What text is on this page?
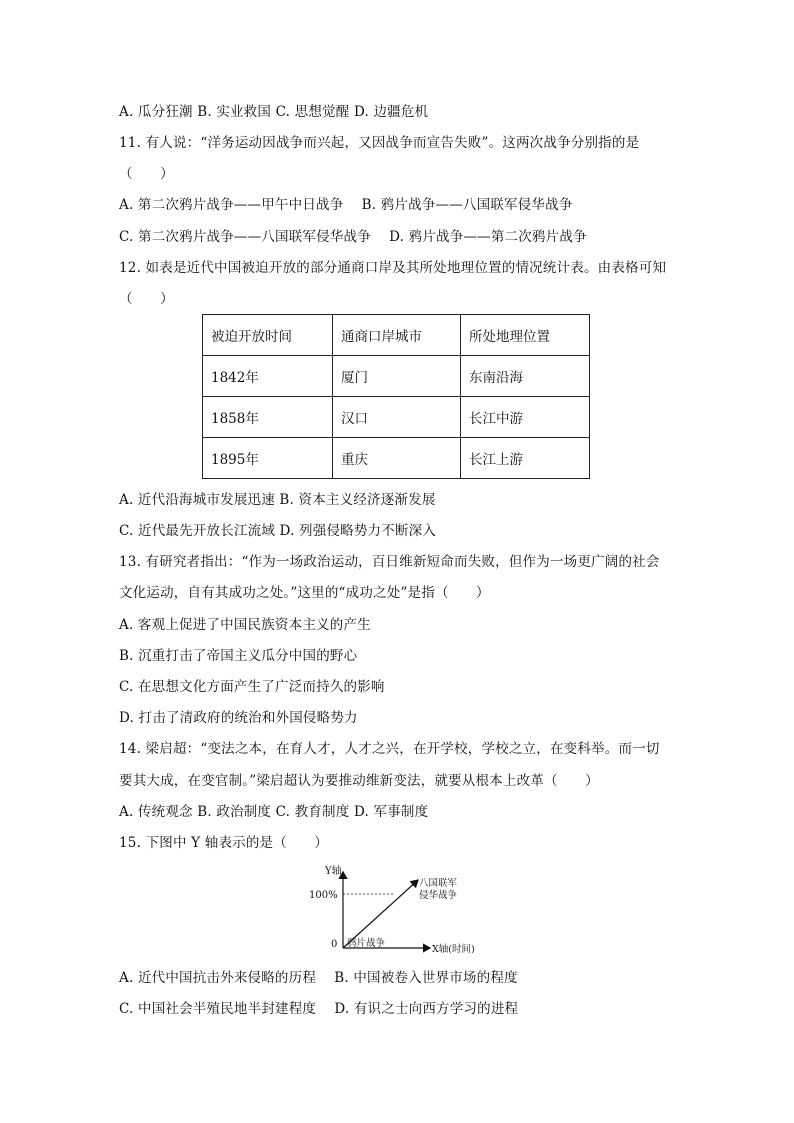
A. 瓜分狂潮 B. 实业救国 C. 思想觉醒 D. 边疆危机
11. 有人说：“洋务运动因战争而兴起，又因战争而宣告失败”。这两次战争分别指的是
（　　）
A. 第二次鸦片战争——甲午中日战争　 B. 鸦片战争——八国联军侵华战争
C. 第二次鸦片战争——八国联军侵华战争　 D. 鸦片战争——第二次鸦片战争
12. 如表是近代中国被迫开放的部分通商口岸及其所处地理位置的情况统计表。由表格可知
（　　）
被迫开放时间	通商口岸城市	所处地理位置
1842年	厦门	东南沿海
1858年	汉口	长江中游
1895年	重庆	长江上游
A. 近代沿海城市发展迅速 B. 资本主义经济逐渐发展
C. 近代最先开放长江流域 D. 列强侵略势力不断深入
13. 有研究者指出：“作为一场政治运动，百日维新短命而失败，但作为一场更广阔的社会
文化运动，自有其成功之处。”这里的“成功之处”是指（　　）
A. 客观上促进了中国民族资本主义的产生
B. 沉重打击了帝国主义瓜分中国的野心
C. 在思想文化方面产生了广泛而持久的影响
D. 打击了清政府的统治和外国侵略势力
14. 梁启超：“变法之本，在育人才，人才之兴，在开学校，学校之立，在变科举。而一切
要其大成，在变官制。”梁启超认为要推动维新变法，就要从根本上改革（　　）
A. 传统观念 B. 政治制度 C. 教育制度 D. 军事制度
15. 下图中 Y 轴表示的是（　　）
Y轴
100%
0 鸦片战争
X轴(时间)
八国联军
侵华战争
A. 近代中国抗击外来侵略的历程　 B. 中国被卷入世界市场的程度
C. 中国社会半殖民地半封建程度　 D. 有识之士向西方学习的进程
